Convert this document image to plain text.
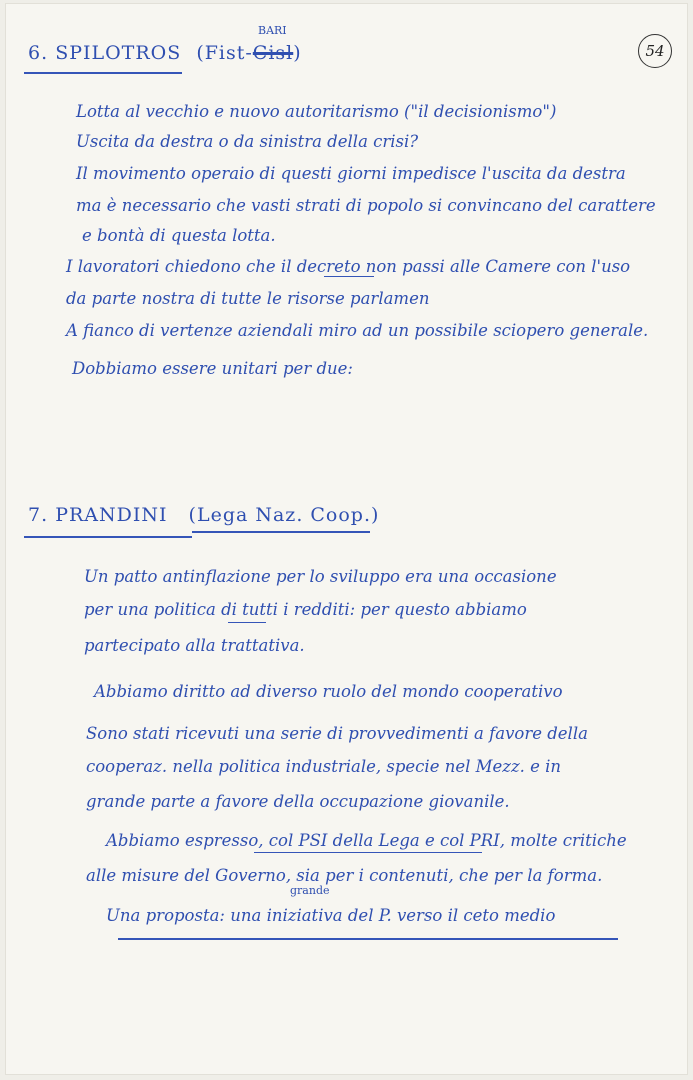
54
6. SPILOTROS (Fist-Cisl)
BARI
Lotta al vecchio e nuovo autoritarismo ("il decisionismo")
Uscita da destra o da sinistra della crisi?
Il movimento operaio di questi giorni impedisce l'uscita da destra
ma è necessario che vasti strati di popolo si convincano del carattere
e bontà di questa lotta.
I lavoratori chiedono che il decreto non passi alle Camere con l'uso
da parte nostra di tutte le risorse parlamen
A fianco di vertenze aziendali miro ad un possibile sciopero generale.
Dobbiamo essere unitari per due:
7. PRANDINI (Lega Naz. Coop.)
Un patto antinflazione per lo sviluppo era una occasione
per una politica di tutti i redditi: per questo abbiamo
partecipato alla trattativa.
Abbiamo diritto ad diverso ruolo del mondo cooperativo
Sono stati ricevuti una serie di provvedimenti a favore della
cooperaz. nella politica industriale, specie nel Mezz. e in
grande parte a favore della occupazione giovanile.
Abbiamo espresso, col PSI della Lega e col PRI, molte critiche
alle misure del Governo, sia per i contenuti, che per la forma.
grande
Una proposta: una iniziativa del P. verso il ceto medio
